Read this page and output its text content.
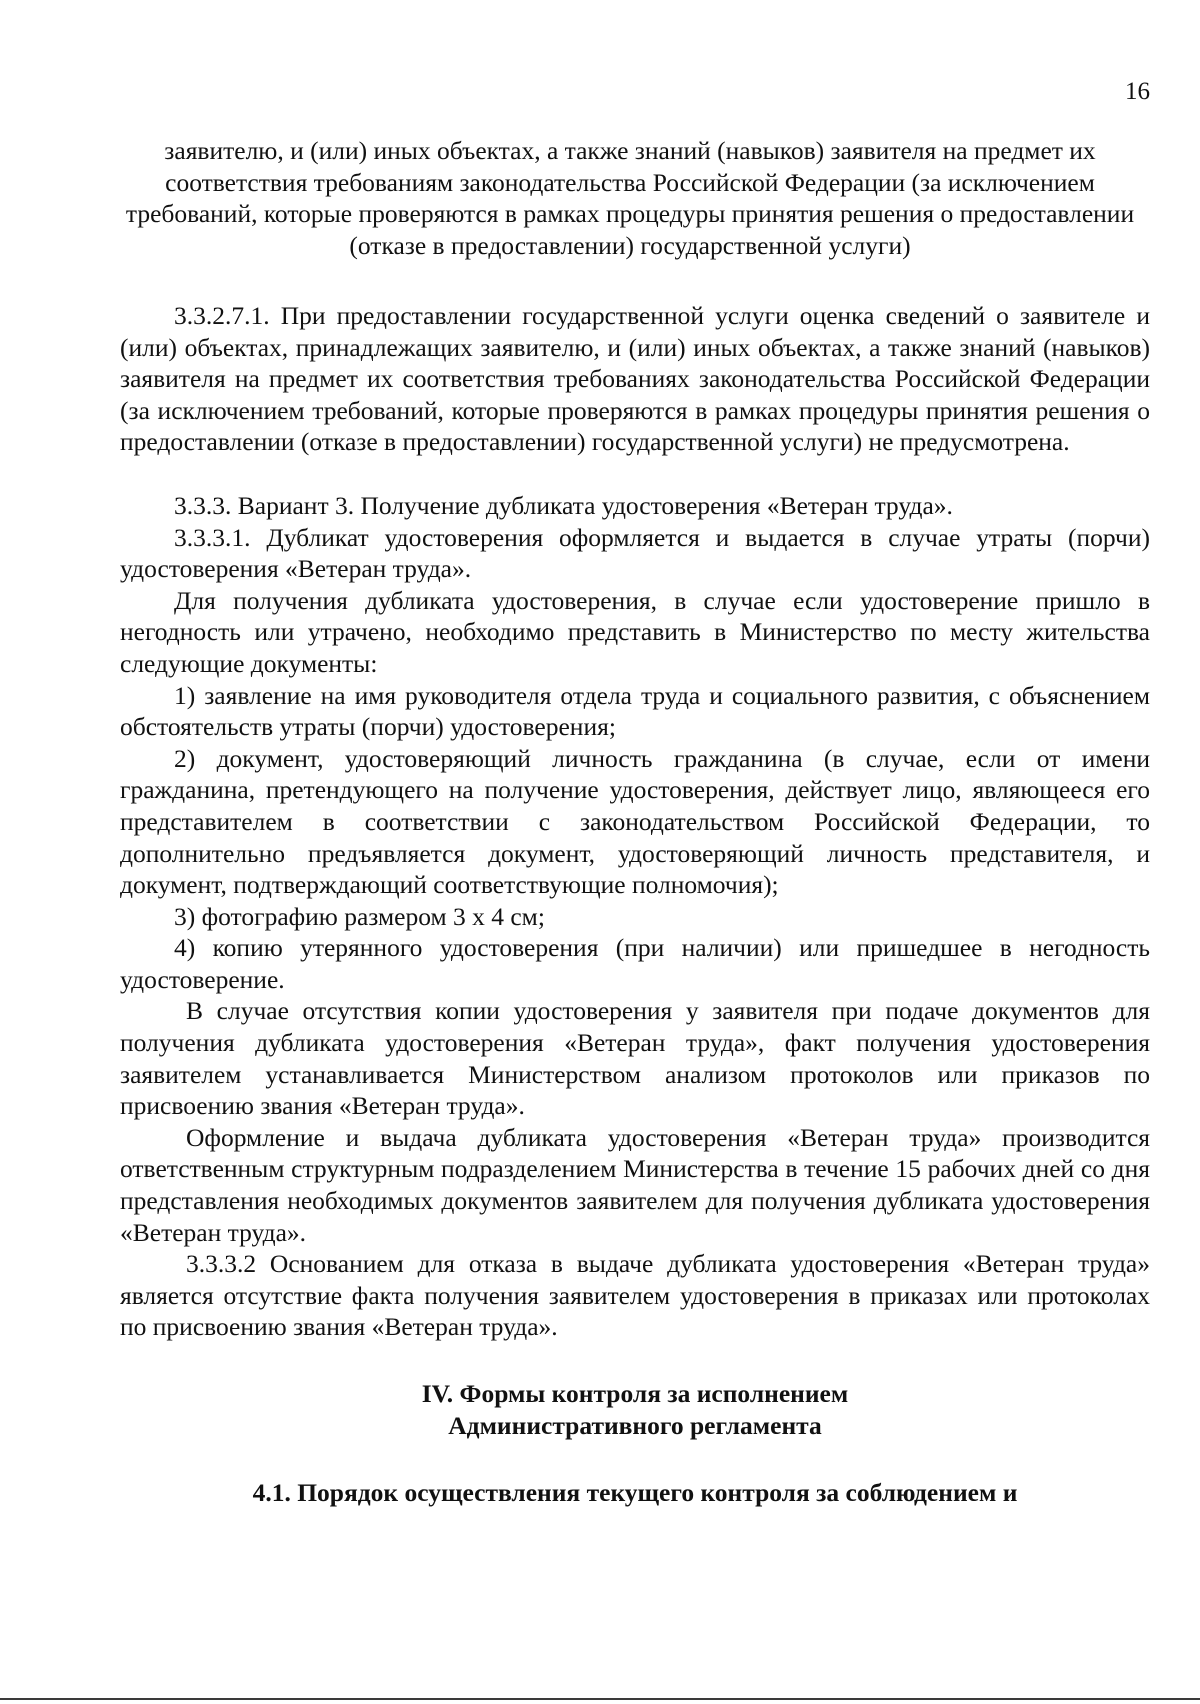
16
заявителю, и (или) иных объектах, а также знаний (навыков) заявителя на предмет их соответствия требованиям законодательства Российской Федерации (за исключением требований, которые проверяются в рамках процедуры принятия решения о предоставлении (отказе в предоставлении) государственной услуги)

3.3.2.7.1. При предоставлении государственной услуги оценка сведений о заявителе и (или) объектах, принадлежащих заявителю, и (или) иных объектах, а также знаний (навыков) заявителя на предмет их соответствия требованиях законодательства Российской Федерации (за исключением требований, которые проверяются в рамках процедуры принятия решения о предоставлении (отказе в предоставлении) государственной услуги) не предусмотрена.

3.3.3. Вариант 3. Получение дубликата удостоверения «Ветеран труда».

3.3.3.1. Дубликат удостоверения оформляется и выдается в случае утраты (порчи) удостоверения «Ветеран труда».

Для получения дубликата удостоверения, в случае если удостоверение пришло в негодность или утрачено, необходимо представить в Министерство по месту жительства следующие документы:

1) заявление на имя руководителя отдела труда и социального развития, с объяснением обстоятельств утраты (порчи) удостоверения;

2) документ, удостоверяющий личность гражданина (в случае, если от имени гражданина, претендующего на получение удостоверения, действует лицо, являющееся его представителем в соответствии с законодательством Российской Федерации, то дополнительно предъявляется документ, удостоверяющий личность представителя, и документ, подтверждающий соответствующие полномочия);

3) фотографию размером 3 х 4 см;

4) копию утерянного удостоверения (при наличии) или пришедшее в негодность удостоверение.

В случае отсутствия копии удостоверения у заявителя при подаче документов для получения дубликата удостоверения «Ветеран труда», факт получения удостоверения заявителем устанавливается Министерством анализом протоколов или приказов по присвоению звания «Ветеран труда».

Оформление и выдача дубликата удостоверения «Ветеран труда» производится ответственным структурным подразделением Министерства в течение 15 рабочих дней со дня представления необходимых документов заявителем для получения дубликата удостоверения «Ветеран труда».

3.3.3.2 Основанием для отказа в выдаче дубликата удостоверения «Ветеран труда» является отсутствие факта получения заявителем удостоверения в приказах или протоколах по присвоению звания «Ветеран труда».

IV. Формы контроля за исполнением
Административного регламента
4.1. Порядок осуществления текущего контроля за соблюдением и
